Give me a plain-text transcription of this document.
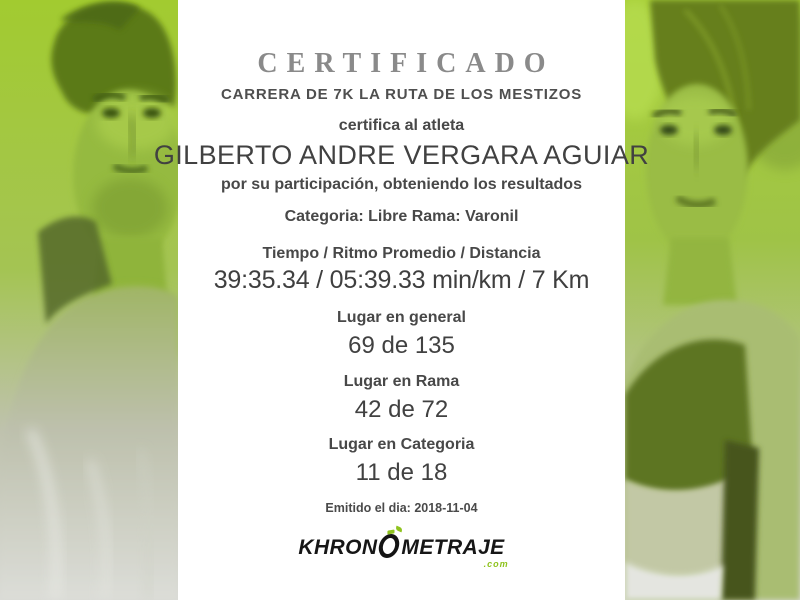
CERTIFICADO
CARRERA DE 7K LA RUTA DE LOS MESTIZOS
certifica al atleta
GILBERTO ANDRE VERGARA AGUIAR
por su participación, obteniendo los resultados
Categoria: Libre Rama: Varonil
Tiempo / Ritmo Promedio / Distancia
39:35.34 / 05:39.33 min/km / 7 Km
Lugar en general
69 de 135
Lugar en Rama
42 de 72
Lugar en Categoria
11 de 18
Emitido el dia: 2018-11-04
KHRON METRAJE
.com
